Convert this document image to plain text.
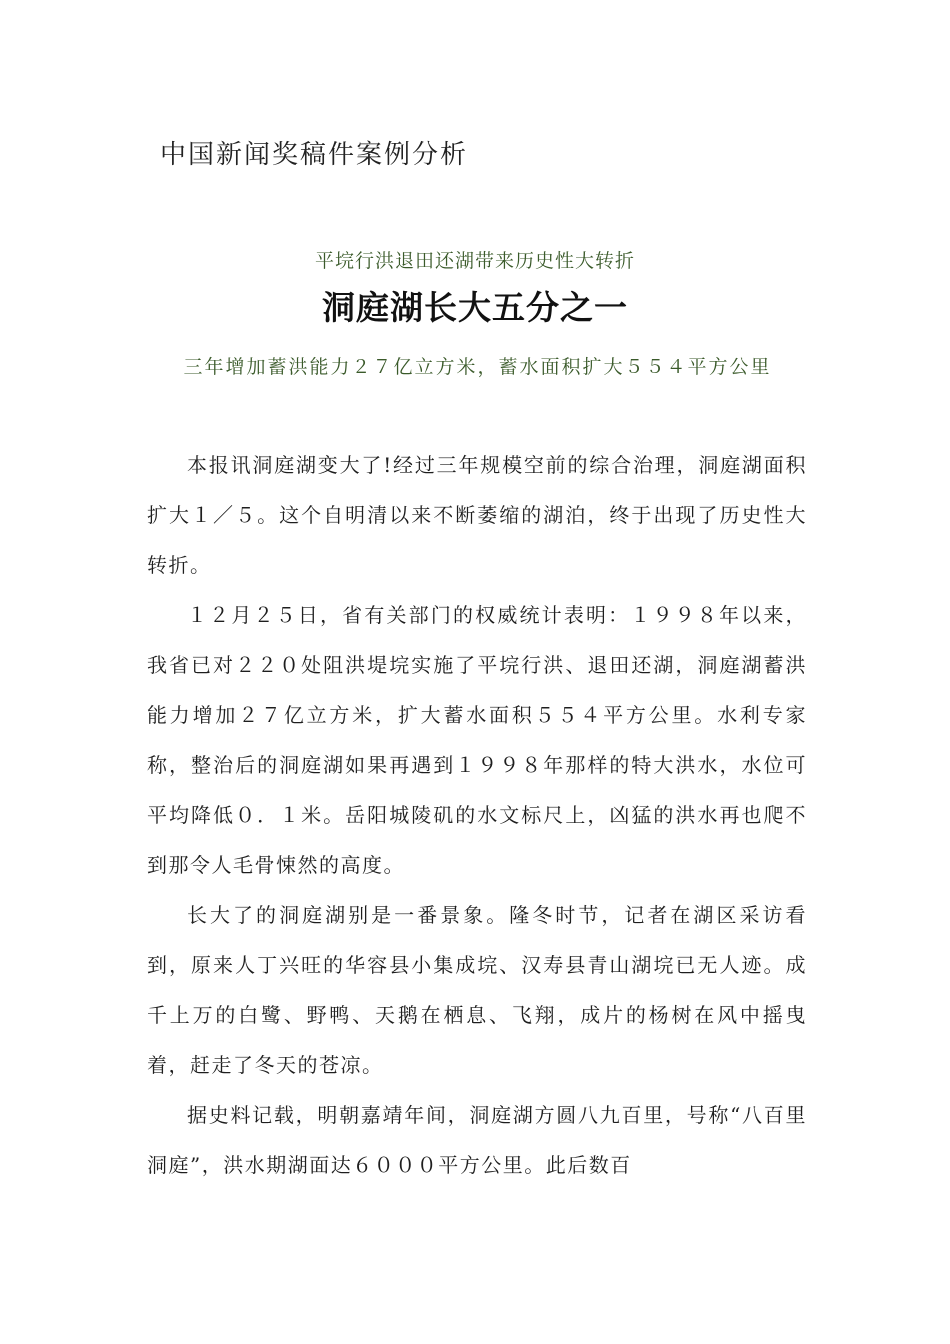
中国新闻奖稿件案例分析
平垸行洪退田还湖带来历史性大转折
洞庭湖长大五分之一
三年增加蓄洪能力２７亿立方米，蓄水面积扩大５５４平方公里

本报讯洞庭湖变大了!经过三年规模空前的综合治理，洞庭湖面积扩大１／５。这个自明清以来不断萎缩的湖泊，终于出现了历史性大转折。

１２月２５日，省有关部门的权威统计表明：１９９８年以来，我省已对２２０处阻洪堤垸实施了平垸行洪、退田还湖，洞庭湖蓄洪能力增加２７亿立方米，扩大蓄水面积５５４平方公里。水利专家称，整治后的洞庭湖如果再遇到１９９８年那样的特大洪水，水位可平均降低０．１米。岳阳城陵矶的水文标尺上，凶猛的洪水再也爬不到那令人毛骨悚然的高度。

长大了的洞庭湖别是一番景象。隆冬时节，记者在湖区采访看到，原来人丁兴旺的华容县小集成垸、汉寿县青山湖垸已无人迹。成千上万的白鹭、野鸭、天鹅在栖息、飞翔，成片的杨树在风中摇曳着，赶走了冬天的苍凉。

据史料记载，明朝嘉靖年间，洞庭湖方圆八九百里，号称“八百里洞庭”，洪水期湖面达６０００平方公里。此后数百
